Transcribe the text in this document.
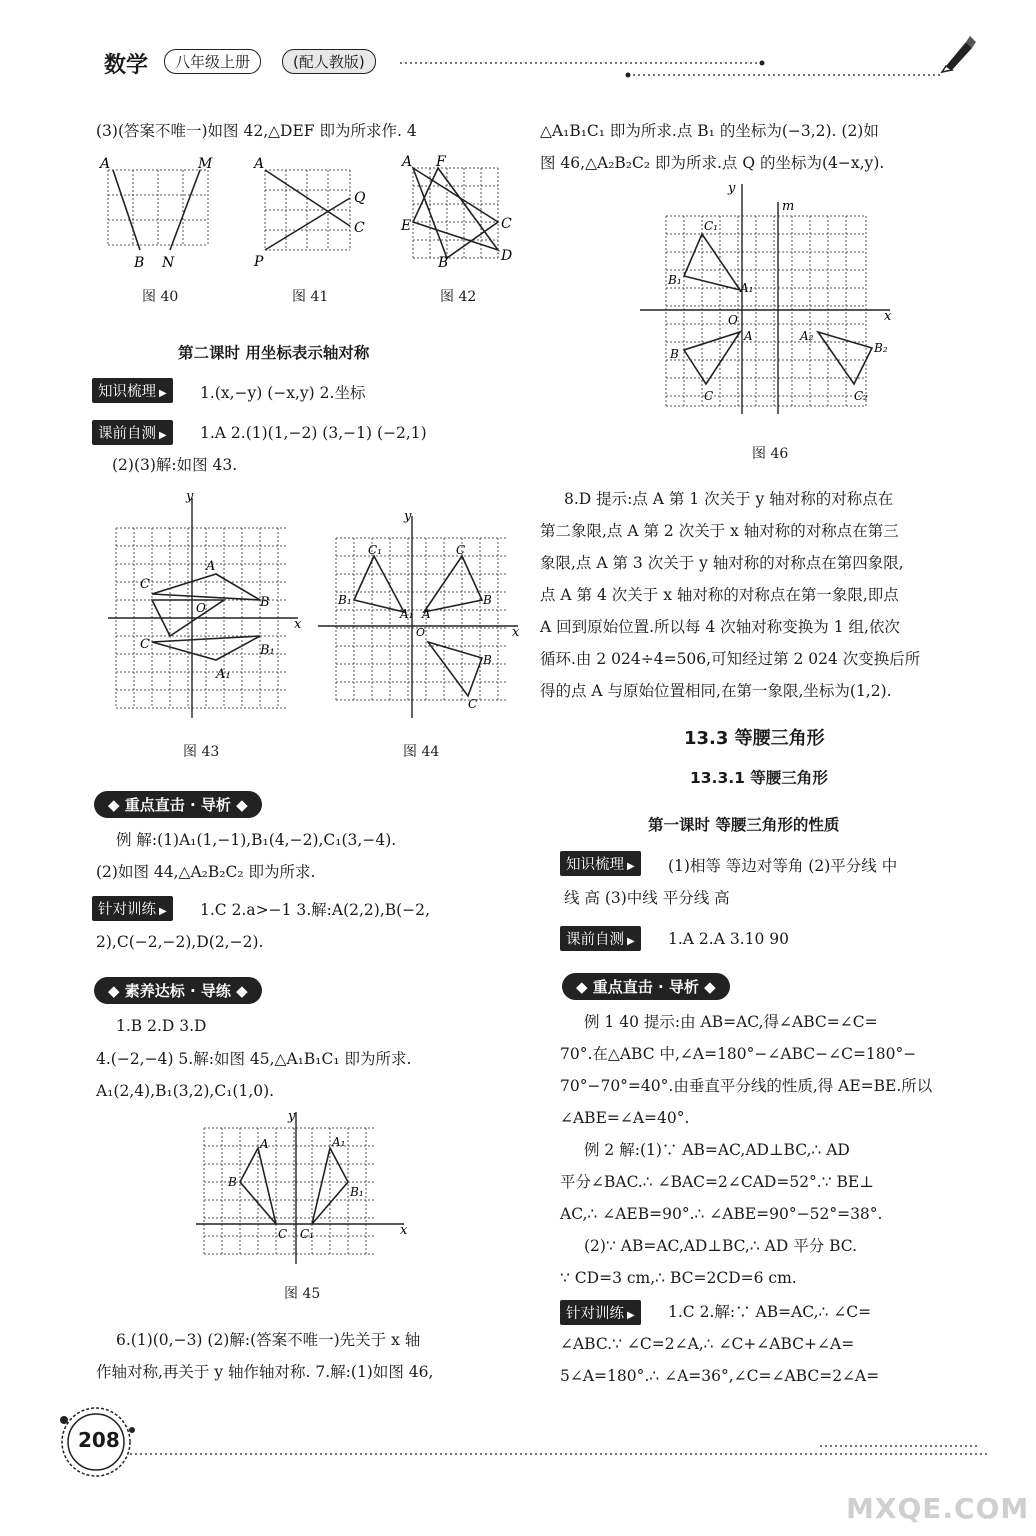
数学	八年级上册	(配人教版)
(3)(答案不唯一)如图 42,△DEF 即为所求作. 4
A	M
B N
图 40
A
Q
C
P
图 41
A F
E	C
B	D
图 42
第二课时 用坐标表示轴对称
知识梳理 ▶	1.(x,−y) (−x,y) 2.坐标
课前自测 ▶	1.A 2.(1)(1,−2) (3,−1) (−2,1)
(2)(3)解:如图 43.
y
x
A
B
C
C	B₁
A₁
O
图 43
y
x
C₁	C
B₁	B
A₁ A
B
C
O
图 44
◆ 重点直击 · 导析 ◆
例 解:(1)A₁(1,−1),B₁(4,−2),C₁(3,−4).
(2)如图 44,△A₂B₂C₂ 即为所求.
针对训练 ▶	1.C 2.a>−1 3.解:A(2,2),B(−2,
2),C(−2,−2),D(2,−2).
◆ 素养达标 · 导练 ◆
1.B 2.D 3.D
4.(−2,−4) 5.解:如图 45,△A₁B₁C₁ 即为所求.
A₁(2,4),B₁(3,2),C₁(1,0).
y
x
A
B
A₁
B₁
C₁
C
图 45
6.(1)(0,−3) (2)解:(答案不唯一)先关于 x 轴
作轴对称,再关于 y 轴作轴对称. 7.解:(1)如图 46,
△A₁B₁C₁ 即为所求.点 B₁ 的坐标为(−3,2). (2)如
图 46,△A₂B₂C₂ 即为所求.点 Q 的坐标为(4−x,y).
y
m
x
C₁
B₁
A₁
O
A
B
C
A₂
B₂
C₂
图 46
8.D 提示:点 A 第 1 次关于 y 轴对称的对称点在
第二象限,点 A 第 2 次关于 x 轴对称的对称点在第三
象限,点 A 第 3 次关于 y 轴对称的对称点在第四象限,
点 A 第 4 次关于 x 轴对称的对称点在第一象限,即点
A 回到原始位置.所以每 4 次轴对称变换为 1 组,依次
循环.由 2 024÷4=506,可知经过第 2 024 次变换后所
得的点 A 与原始位置相同,在第一象限,坐标为(1,2).
13.3 等腰三角形
13.3.1 等腰三角形
第一课时 等腰三角形的性质
知识梳理 ▶	(1)相等 等边对等角 (2)平分线 中
线 高 (3)中线 平分线 高
课前自测 ▶	1.A 2.A 3.10 90
◆ 重点直击 · 导析 ◆
例 1 40 提示:由 AB=AC,得∠ABC=∠C=
70°.在△ABC 中,∠A=180°−∠ABC−∠C=180°−
70°−70°=40°.由垂直平分线的性质,得 AE=BE.所以
∠ABE=∠A=40°.
例 2 解:(1)∵ AB=AC,AD⊥BC,∴ AD
平分∠BAC.∴ ∠BAC=2∠CAD=52°.∵ BE⊥
AC,∴ ∠AEB=90°.∴ ∠ABE=90°−52°=38°.
(2)∵ AB=AC,AD⊥BC,∴ AD 平分 BC.
∵ CD=3 cm,∴ BC=2CD=6 cm.
针对训练 ▶	1.C 2.解:∵ AB=AC,∴ ∠C=
∠ABC.∵ ∠C=2∠A,∴ ∠C+∠ABC+∠A=
5∠A=180°.∴ ∠A=36°,∠C=∠ABC=2∠A=
208
MXQE.COM
